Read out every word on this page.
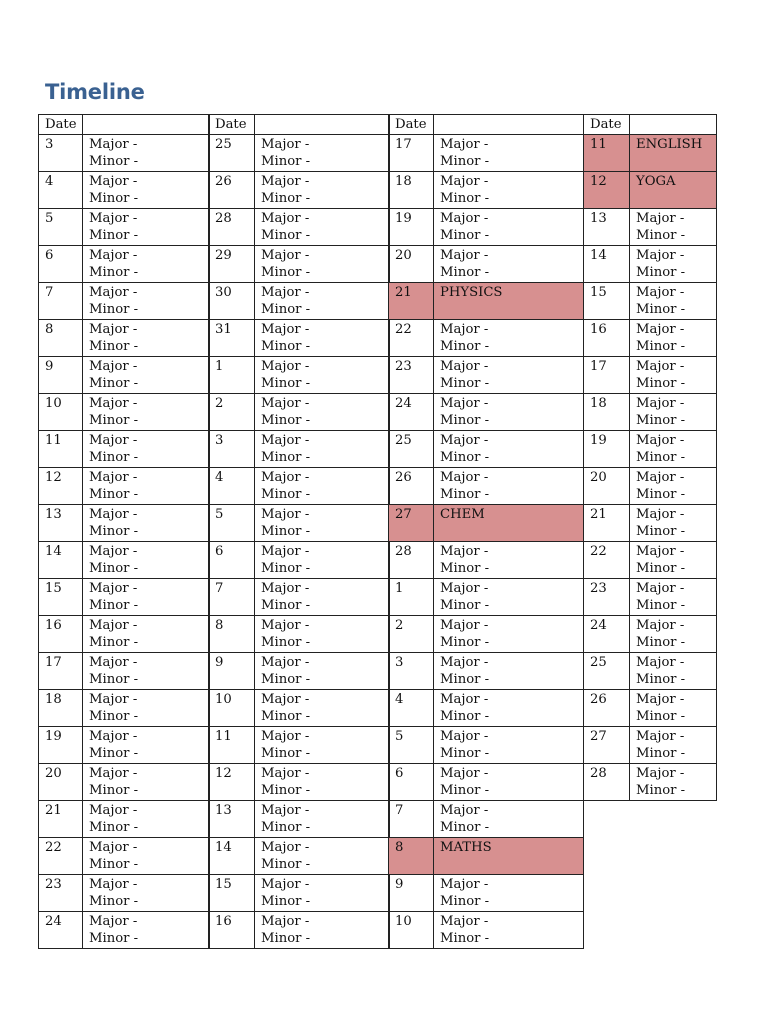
Timeline
Date	
3	Major -
Minor -

4	Major -
Minor -

5	Major -
Minor -

6	Major -
Minor -

7	Major -
Minor -

8	Major -
Minor -

9	Major -
Minor -

10	Major -
Minor -

11	Major -
Minor -

12	Major -
Minor -

13	Major -
Minor -

14	Major -
Minor -

15	Major -
Minor -

16	Major -
Minor -

17	Major -
Minor -

18	Major -
Minor -

19	Major -
Minor -

20	Major -
Minor -

21	Major -
Minor -

22	Major -
Minor -

23	Major -
Minor -

24	Major -
Minor -
Date	
25	Major -
Minor -

26	Major -
Minor -

28	Major -
Minor -

29	Major -
Minor -

30	Major -
Minor -

31	Major -
Minor -

1	Major -
Minor -

2	Major -
Minor -

3	Major -
Minor -

4	Major -
Minor -

5	Major -
Minor -

6	Major -
Minor -

7	Major -
Minor -

8	Major -
Minor -

9	Major -
Minor -

10	Major -
Minor -

11	Major -
Minor -

12	Major -
Minor -

13	Major -
Minor -

14	Major -
Minor -

15	Major -
Minor -

16	Major -
Minor -
Date	
17	Major -
Minor -

18	Major -
Minor -

19	Major -
Minor -

20	Major -
Minor -

21	PHYSICS
22	Major -
Minor -

23	Major -
Minor -

24	Major -
Minor -

25	Major -
Minor -

26	Major -
Minor -

27	CHEM
28	Major -
Minor -

1	Major -
Minor -

2	Major -
Minor -

3	Major -
Minor -

4	Major -
Minor -

5	Major -
Minor -

6	Major -
Minor -

7	Major -
Minor -

8	MATHS
9	Major -
Minor -

10	Major -
Minor -
Date	
11	ENGLISH
12	YOGA
13	Major -
Minor -

14	Major -
Minor -

15	Major -
Minor -

16	Major -
Minor -

17	Major -
Minor -

18	Major -
Minor -

19	Major -
Minor -

20	Major -
Minor -

21	Major -
Minor -

22	Major -
Minor -

23	Major -
Minor -

24	Major -
Minor -

25	Major -
Minor -

26	Major -
Minor -

27	Major -
Minor -

28	Major -
Minor -
